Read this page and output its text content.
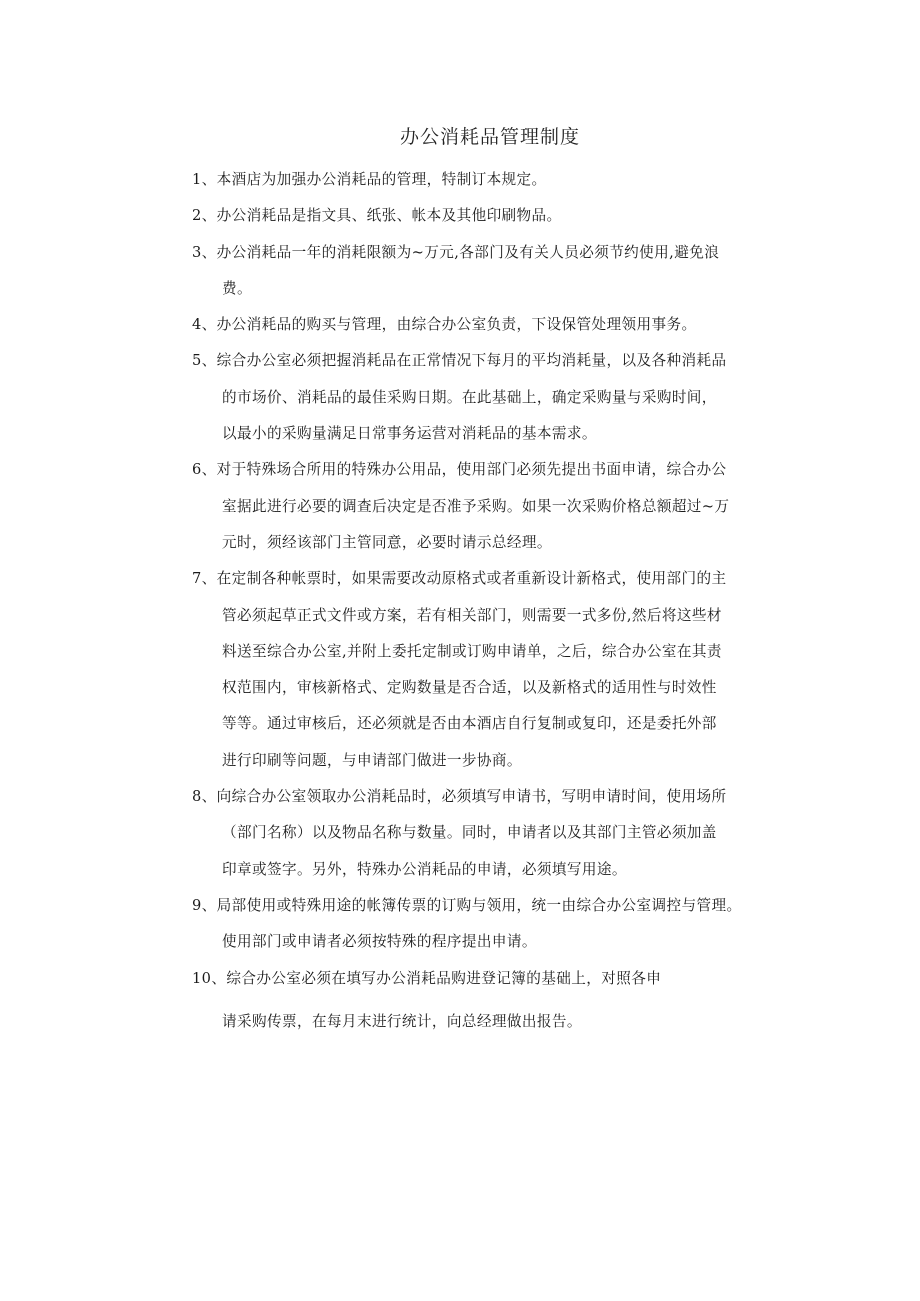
办公消耗品管理制度
1、本酒店为加强办公消耗品的管理，特制订本规定。
2、办公消耗品是指文具、纸张、帐本及其他印刷物品。
3、办公消耗品一年的消耗限额为~万元,各部门及有关人员必须节约使用,避免浪
费。
4、办公消耗品的购买与管理，由综合办公室负责，下设保管处理领用事务。
5、综合办公室必须把握消耗品在正常情况下每月的平均消耗量，以及各种消耗品
的市场价、消耗品的最佳采购日期。在此基础上，确定采购量与采购时间，
以最小的采购量满足日常事务运营对消耗品的基本需求。
6、对于特殊场合所用的特殊办公用品，使用部门必须先提出书面申请，综合办公
室据此进行必要的调查后决定是否准予采购。如果一次采购价格总额超过~万
元时，须经该部门主管同意，必要时请示总经理。
7、在定制各种帐票时，如果需要改动原格式或者重新设计新格式，使用部门的主
管必须起草正式文件或方案，若有相关部门，则需要一式多份,然后将这些材
料送至综合办公室,并附上委托定制或订购申请单，之后，综合办公室在其责
权范围内，审核新格式、定购数量是否合适，以及新格式的适用性与时效性
等等。通过审核后，还必须就是否由本酒店自行复制或复印，还是委托外部
进行印刷等问题，与申请部门做进一步协商。
8、向综合办公室领取办公消耗品时，必须填写申请书，写明申请时间，使用场所
（部门名称）以及物品名称与数量。同时，申请者以及其部门主管必须加盖
印章或签字。另外，特殊办公消耗品的申请，必须填写用途。
9、局部使用或特殊用途的帐簿传票的订购与领用，统一由综合办公室调控与管理。
使用部门或申请者必须按特殊的程序提出申请。
10、综合办公室必须在填写办公消耗品购进登记簿的基础上，对照各申
请采购传票，在每月末进行统计，向总经理做出报告。
